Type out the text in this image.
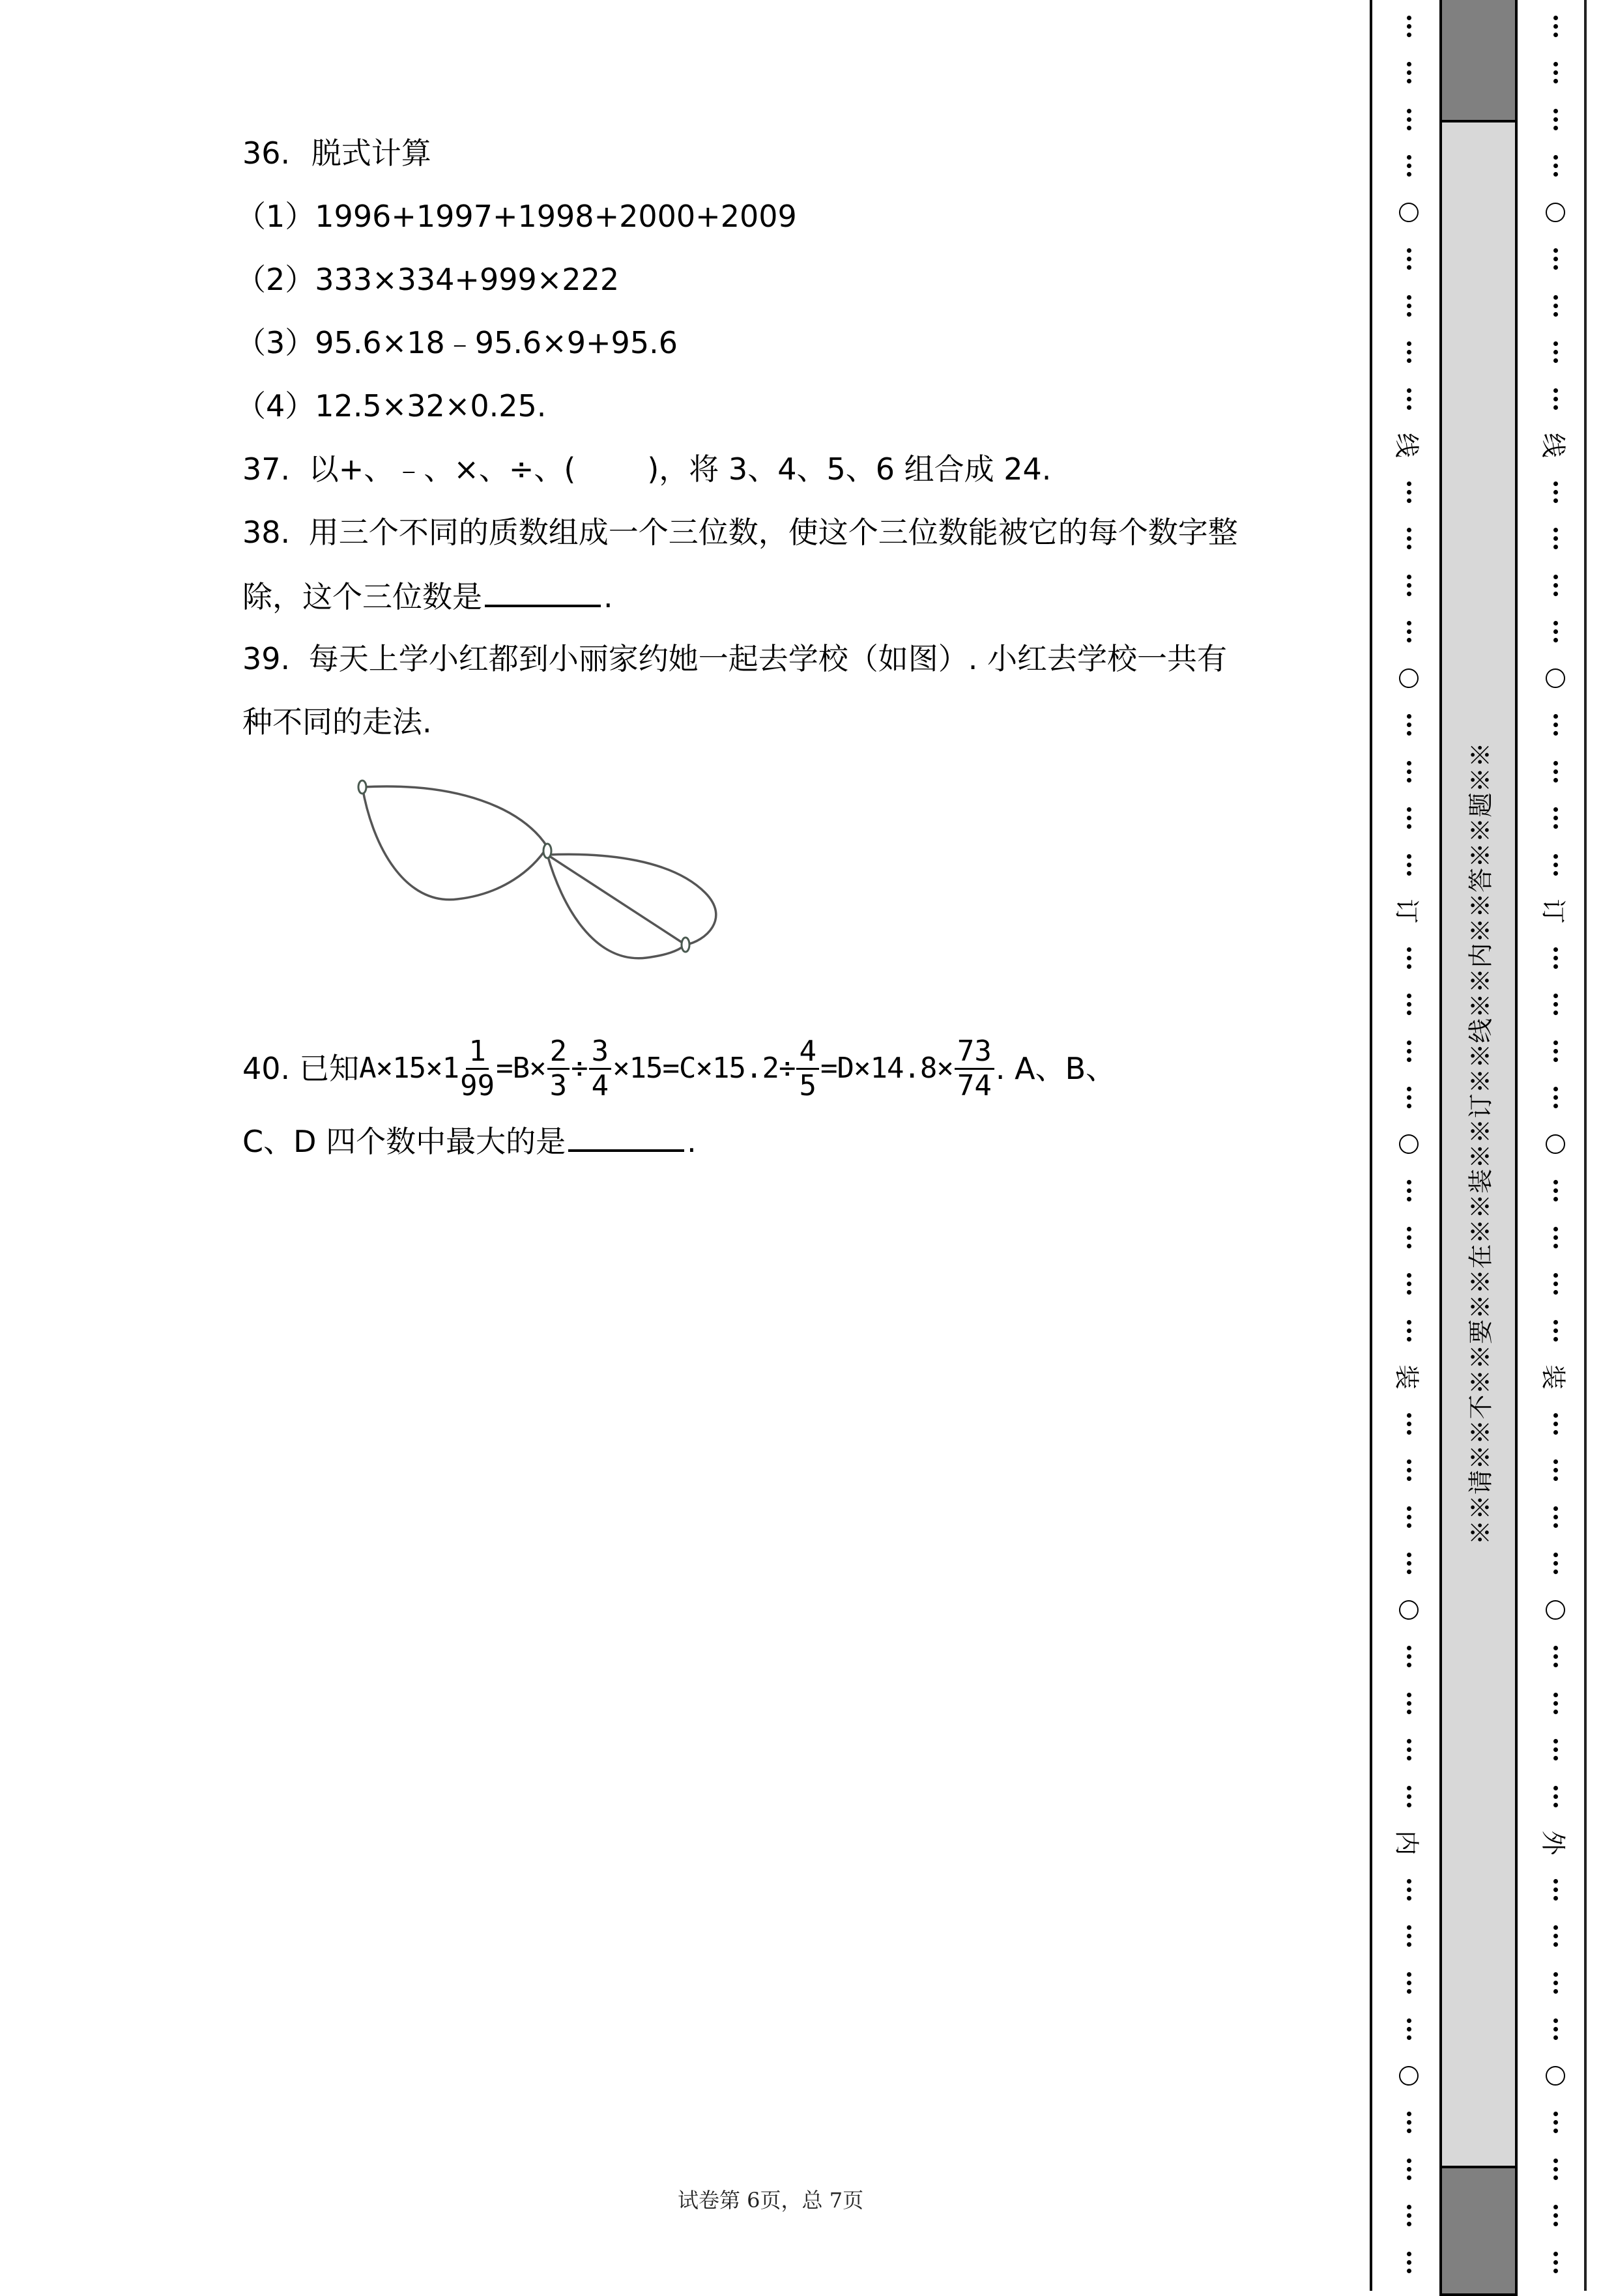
36. 脱式计算
（1）1996+1997+1998+2000+2009
（2）333×334+999×222
（3）95.6×18﹣95.6×9+95.6
（4）12.5×32×0.25.
37. 以+、﹣、×、÷、( )，将 3、4、5、6 组合成 24.
38. 用三个不同的质数组成一个三位数，使这个三位数能被它的每个数字整
除，这个三位数是	.
39. 每天上学小红都到小丽家约她一起去学校（如图）. 小红去学校一共有
种不同的走法.
40. 已知 $A\times 15\times 1 \frac{1}{99} =B\times \frac{2}{3} \div \frac{3}{4} \times 15=C\times 15.2\div \frac{4}{5} =D\times 14.8\times \frac{73}{74}$ . A、B、
C、D 四个数中最大的是	.
试卷第 6页，总 7页
※※请※※不※※要※※在※※装※※订※※线※※内※※答※※题※※
线
订
装
内
线
订
装
外
